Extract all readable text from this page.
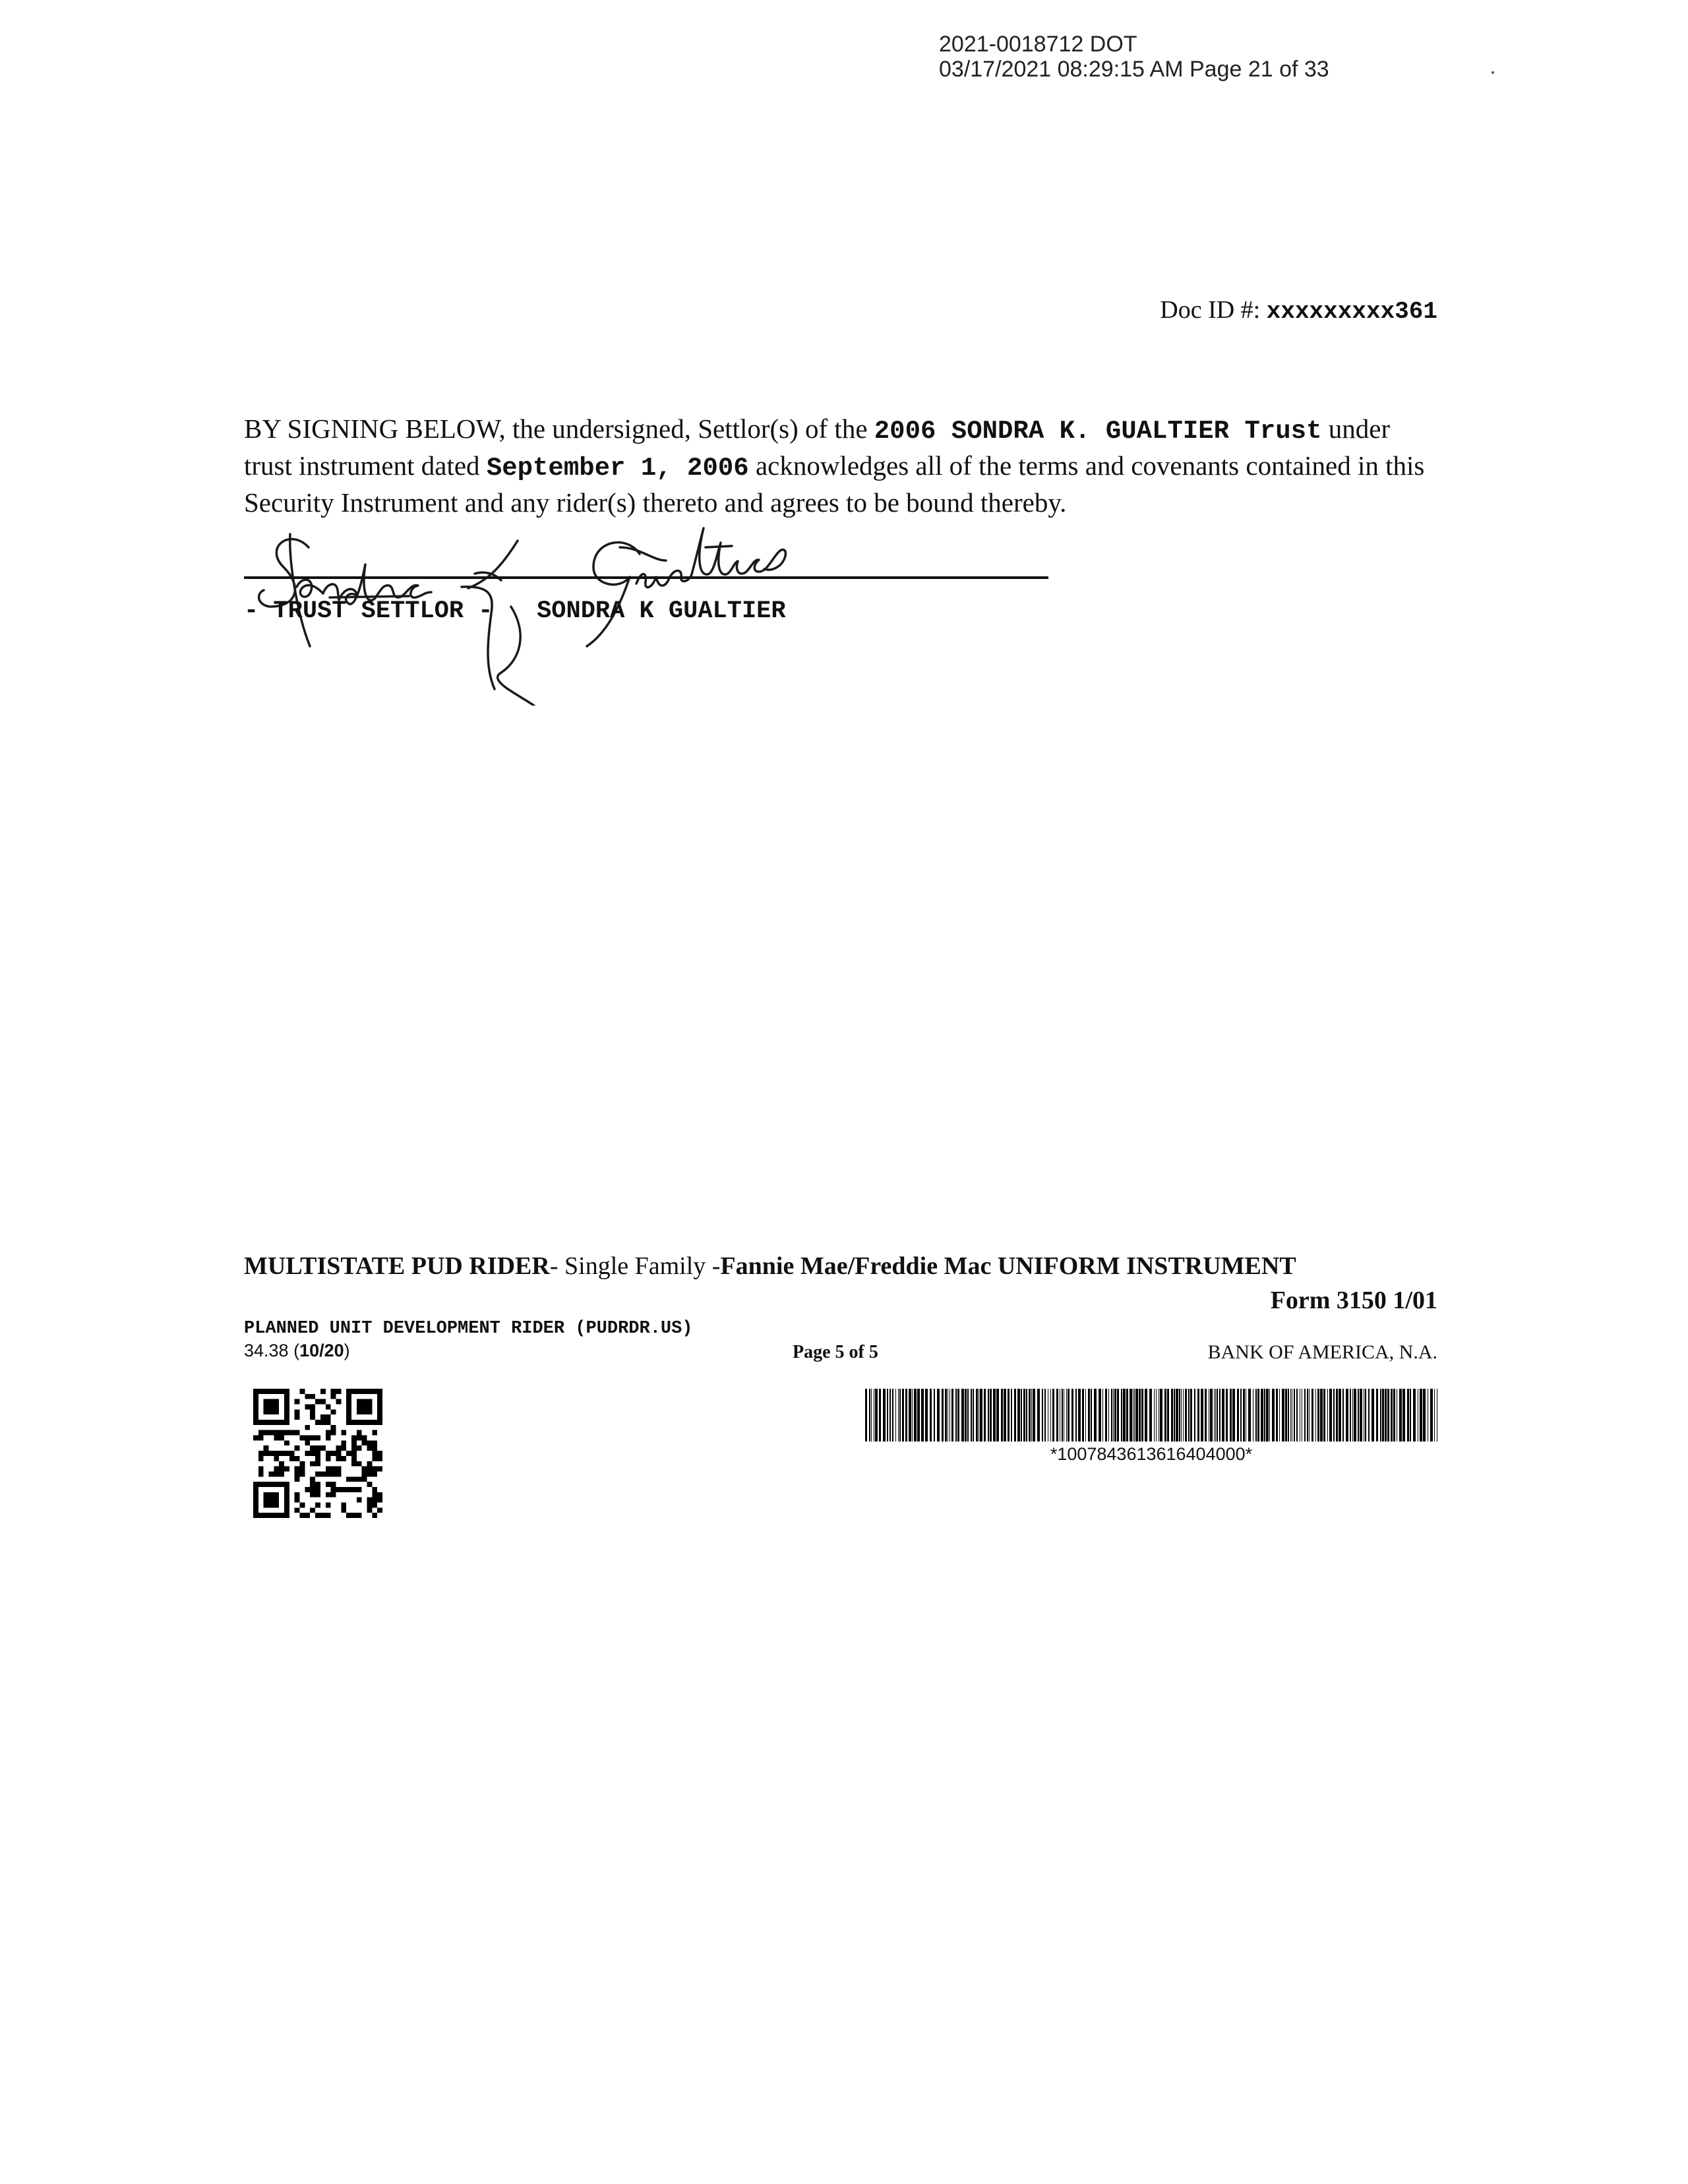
2021-0018712 DOT
03/17/2021 08:29:15 AM Page 21 of 33
Doc ID #: xxxxxxxxx361
BY SIGNING BELOW, the undersigned, Settlor(s) of the 2006 SONDRA K. GUALTIER Trust under trust instrument dated September 1, 2006 acknowledges all of the terms and covenants contained in this Security Instrument and any rider(s) thereto and agrees to be bound thereby.
- TRUST SETTLOR - SONDRA K GUALTIER
MULTISTATE PUD RIDER- Single Family -Fannie Mae/Freddie Mac UNIFORM INSTRUMENT
Form 3150 1/01
PLANNED UNIT DEVELOPMENT RIDER (PUDRDR.US)
34.38 (10/20)	Page 5 of 5	BANK OF AMERICA, N.A.
*1007843613616404000*
